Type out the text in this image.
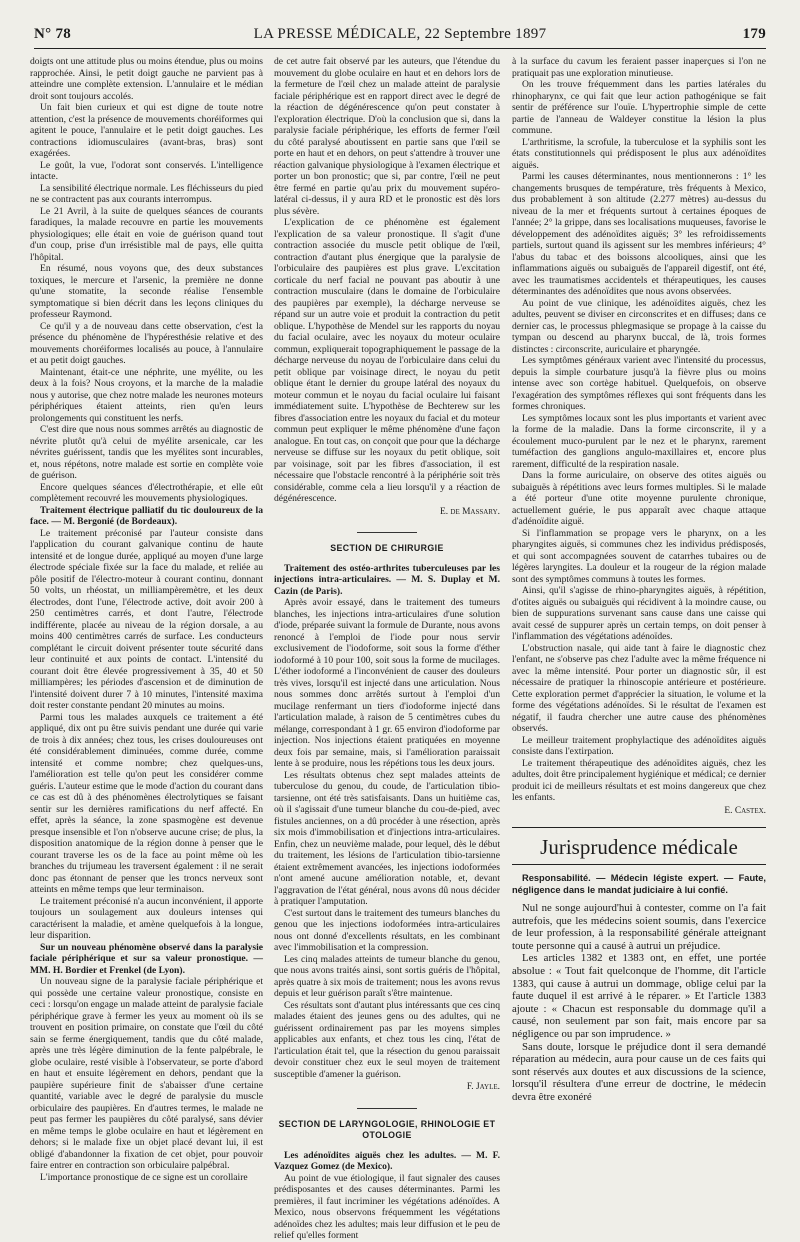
N° 78	LA PRESSE MÉDICALE, 22 Septembre 1897	179

doigts ont une attitude plus ou moins étendue, plus ou moins rapprochée. Ainsi, le petit doigt gauche ne parvient pas à atteindre une complète extension. L'annulaire et le médian droit sont toujours accolés.

Un fait bien curieux et qui est digne de toute notre attention, c'est la présence de mouvements choréiformes qui agitent le pouce, l'annulaire et le petit doigt gauches. Les contractions idiomusculaires (avant-bras, bras) sont exagérées.

Le goût, la vue, l'odorat sont conservés. L'intelligence intacte.

La sensibilité électrique normale. Les fléchisseurs du pied ne se contractent pas aux courants interrompus.

Le 21 Avril, à la suite de quelques séances de courants faradiques, la malade recouvre en partie les mouvements physiologiques; elle était en voie de guérison quand tout d'un coup, prise d'un irrésistible mal de pays, elle quitta l'hôpital.

En résumé, nous voyons que, des deux substances toxiques, le mercure et l'arsenic, la première ne donne qu'une stomatite, la seconde réalise l'ensemble symptomatique si bien décrit dans les leçons cliniques du professeur Raymond.

Ce qu'il y a de nouveau dans cette observation, c'est la présence du phénomène de l'hypéresthésie relative et des mouvements choréiformes localisés au pouce, à l'annulaire et au petit doigt gauches.

Maintenant, était-ce une néphrite, une myélite, ou les deux à la fois? Nous croyons, et la marche de la maladie nous y autorise, que chez notre malade les neurones moteurs périphériques étaient atteints, rien qu'en leurs prolongements qui constituent les nerfs.

C'est dire que nous nous sommes arrêtés au diagnostic de névrite plutôt qu'à celui de myélite arsenicale, car les névrites guérissent, tandis que les myélites sont incurables, et, nous répétons, notre malade est sortie en complète voie de guérison.

Encore quelques séances d'électrothérapie, et elle eût complètement recouvré les mouvements physiologiques.

Traitement électrique palliatif du tic douloureux de la face. — M. Bergonié (de Bordeaux).

Le traitement préconisé par l'auteur consiste dans l'application du courant galvanique continu de haute intensité et de longue durée, appliqué au moyen d'une large électrode spéciale fixée sur la face du malade, et reliée au pôle positif de l'électro-moteur à courant continu, donnant 50 volts, un rhéostat, un milliampèremètre, et les deux électrodes, dont l'une, l'électrode active, doit avoir 200 à 250 centimètres carrés, et dont l'autre, l'électrode indifférente, placée au niveau de la région dorsale, a au moins 400 centimètres carrés de surface. Les conducteurs complétant le circuit doivent présenter toute sécurité dans leur continuité et aux points de contact. L'intensité du courant doit être élevée progressivement à 35, 40 et 50 milliampères; les périodes d'ascension et de diminution de l'intensité doivent durer 7 à 10 minutes, l'intensité maxima doit rester constante pendant 20 minutes au moins.

Parmi tous les malades auxquels ce traitement a été appliqué, dix ont pu être suivis pendant une durée qui varie de trois à dix années; chez tous, les crises douloureuses ont été considérablement diminuées, comme durée, comme intensité et comme nombre; chez quelques-uns, l'amélioration est telle qu'on peut les considérer comme guéris. L'auteur estime que le mode d'action du courant dans ce cas est dû à des phénomènes électrolytiques se faisant sentir sur les dernières ramifications du nerf affecté. En effet, après la séance, la zone spasmogène est devenue presque insensible et l'on n'observe aucune crise; de plus, la disposition anatomique de la région donne à penser que le courant traverse les os de la face au point même où les branches du trijumeau les traversent également : il ne serait donc pas étonnant de penser que les troncs nerveux sont atteints en même temps que leur terminaison.

Le traitement préconisé n'a aucun inconvénient, il apporte toujours un soulagement aux douleurs intenses qui caractérisent la maladie, et amène quelquefois à la longue, leur disparition.

Sur un nouveau phénomène observé dans la paralysie faciale périphérique et sur sa valeur pronostique. — MM. H. Bordier et Frenkel (de Lyon).

Un nouveau signe de la paralysie faciale périphérique et qui possède une certaine valeur pronostique, consiste en ceci : lorsqu'on engage un malade atteint de paralysie faciale périphérique grave à fermer les yeux au moment où ils se trouvent en position primaire, on constate que l'œil du côté sain se ferme énergiquement, tandis que du côté malade, après une très légère diminution de la fente palpébrale, le globe oculaire, resté visible à l'observateur, se porte d'abord en haut et ensuite légèrement en dehors, pendant que la paupière supérieure finit de s'abaisser d'une certaine quantité, variable avec le degré de paralysie du muscle orbiculaire des paupières. En d'autres termes, le malade ne peut pas fermer les paupières du côté paralysé, sans dévier en même temps le globe oculaire en haut et légèrement en dehors; si le malade fixe un objet placé devant lui, il est obligé d'abandonner la fixation de cet objet, pour pouvoir faire entrer en contraction son orbiculaire palpébral.

L'importance pronostique de ce signe est un corollaire

de cet autre fait observé par les auteurs, que l'étendue du mouvement du globe oculaire en haut et en dehors lors de la fermeture de l'œil chez un malade atteint de paralysie faciale périphérique est en rapport direct avec le degré de la réaction de dégénérescence qu'on peut constater à l'exploration électrique. D'où la conclusion que si, dans la paralysie faciale périphérique, les efforts de fermer l'œil du côté paralysé aboutissent en partie sans que l'œil se porte en haut et en dehors, on peut s'attendre à trouver une réaction galvanique physiologique à l'examen électrique et porter un bon pronostic; que si, par contre, l'œil ne peut être fermé en partie qu'au prix du mouvement supéro-latéral ci-dessus, il y aura RD et le pronostic est dès lors plus sévère.

L'explication de ce phénomène est également l'explication de sa valeur pronostique. Il s'agit d'une contraction associée du muscle petit oblique de l'œil, contraction d'autant plus énergique que la paralysie de l'orbiculaire des paupières est plus grave. L'excitation corticale du nerf facial ne pouvant pas aboutir à une contraction musculaire (dans le domaine de l'orbiculaire des paupières par exemple), la décharge nerveuse se répand sur un autre voie et produit la contraction du petit oblique. L'hypothèse de Mendel sur les rapports du noyau du facial oculaire, avec les noyaux du moteur oculaire commun, expliquerait topographiquement le passage de la décharge nerveuse du noyau de l'orbiculaire dans celui du petit oblique par voisinage direct, le noyau du petit oblique étant le dernier du groupe latéral des noyaux du moteur commun et le noyau du facial oculaire lui faisant immédiatement suite. L'hypothèse de Bechterew sur les fibres d'association entre les noyaux du facial et du moteur commun peut expliquer le même phénomène d'une façon analogue. En tout cas, on conçoit que pour que la décharge nerveuse se diffuse sur les noyaux du petit oblique, soit par voisinage, soit par les fibres d'association, il est nécessaire que l'obstacle rencontré à la périphérie soit très considérable, comme cela a lieu lorsqu'il y a réaction de dégénérescence.

E. de Massary.
SECTION DE CHIRURGIE

Traitement des ostéo-arthrites tuberculeuses par les injections intra-articulaires. — M. S. Duplay et M. Cazin (de Paris).

Après avoir essayé, dans le traitement des tumeurs blanches, les injections intra-articulaires d'une solution d'iode, préparée suivant la formule de Durante, nous avons renoncé à l'emploi de l'iode pour nous servir exclusivement de l'iodoforme, soit sous la forme d'éther iodoformé à 10 pour 100, soit sous la forme de mucilages. L'éther iodoformé a l'inconvénient de causer des douleurs très vives, lorsqu'il est injecté dans une articulation. Nous nous sommes donc arrêtés surtout à l'emploi d'un mucilage renfermant un tiers d'iodoforme injecté dans l'articulation malade, à raison de 5 centimètres cubes du mélange, correspondant à 1 gr. 65 environ d'iodoforme par injection. Nos injections étaient pratiquées en moyenne deux fois par semaine, mais, si l'amélioration paraissait lente à se produire, nous les répétions tous les deux jours.

Les résultats obtenus chez sept malades atteints de tuberculose du genou, du coude, de l'articulation tibio-tarsienne, ont été très satisfaisants. Dans un huitième cas, où il s'agissait d'une tumeur blanche du cou-de-pied, avec fistules anciennes, on a dû procéder à une résection, après six mois d'immobilisation et d'injections intra-articulaires. Enfin, chez un neuvième malade, pour lequel, dès le début du traitement, les lésions de l'articulation tibio-tarsienne étaient extrêmement avancées, les injections iodoformées n'ont amené aucune amélioration notable, et, devant l'aggravation de l'état général, nous avons dû nous décider à pratiquer l'amputation.

C'est surtout dans le traitement des tumeurs blanches du genou que les injections iodoformées intra-articulaires nous ont donné d'excellents résultats, en les combinant avec l'immobilisation et la compression.

Les cinq malades atteints de tumeur blanche du genou, que nous avons traités ainsi, sont sortis guéris de l'hôpital, après quatre à six mois de traitement; nous les avons revus depuis et leur guérison paraît s'être maintenue.

Ces résultats sont d'autant plus intéressants que ces cinq malades étaient des jeunes gens ou des adultes, qui ne guérissent ordinairement pas par les moyens simples applicables aux enfants, et chez tous les cinq, l'état de l'articulation était tel, que la résection du genou paraissait devoir constituer chez eux le seul moyen de traitement susceptible d'amener la guérison.

F. Jayle.
SECTION DE LARYNGOLOGIE, RHINOLOGIE ET OTOLOGIE

Les adénoïdites aiguës chez les adultes. — M. F. Vazquez Gomez (de Mexico).

Au point de vue étiologique, il faut signaler des causes prédisposantes et des causes déterminantes. Parmi les premières, il faut incriminer les végétations adénoïdes. A Mexico, nous observons fréquemment les végétations adénoïdes chez les adultes; mais leur diffusion et le peu de relief qu'elles forment

à la surface du cavum les feraient passer inaperçues si l'on ne pratiquait pas une exploration minutieuse.

On les trouve fréquemment dans les parties latérales du rhinopharynx, ce qui fait que leur action pathogénique se fait sentir de préférence sur l'ouïe. L'hypertrophie simple de cette partie de l'anneau de Waldeyer constitue la lésion la plus commune.

L'arthritisme, la scrofule, la tuberculose et la syphilis sont les états constitutionnels qui prédisposent le plus aux adénoïdites aiguës.

Parmi les causes déterminantes, nous mentionnerons : 1° les changements brusques de température, très fréquents à Mexico, dus probablement à son altitude (2.277 mètres) au-dessus du niveau de la mer et fréquents surtout à certaines époques de l'année; 2° la grippe, dans ses localisations muqueuses, favorise le développement des adénoïdites aiguës; 3° les refroidissements partiels, surtout quand ils agissent sur les membres inférieurs; 4° l'abus du tabac et des boissons alcooliques, ainsi que les inflammations aiguës ou subaiguës de l'appareil digestif, ont été, avec les traumatismes accidentels et thérapeutiques, les causes déterminantes des adénoïdites que nous avons observées.

Au point de vue clinique, les adénoïdites aiguës, chez les adultes, peuvent se diviser en circonscrites et en diffuses; dans ce dernier cas, le processus phlegmasique se propage à la caisse du tympan ou descend au pharynx buccal, de là, trois formes distinctes : circonscrite, auriculaire et pharyngée.

Les symptômes généraux varient avec l'intensité du processus, depuis la simple courbature jusqu'à la fièvre plus ou moins intense avec son cortège habituel. Quelquefois, on observe l'exagération des symptômes réflexes qui sont fréquents dans les formes chroniques.

Les symptômes locaux sont les plus importants et varient avec la forme de la maladie. Dans la forme circonscrite, il y a écoulement muco-purulent par le nez et le pharynx, rarement tuméfaction des ganglions angulo-maxillaires et, encore plus rarement, difficulté de la respiration nasale.

Dans la forme auriculaire, on observe des otites aiguës ou subaiguës à répétitions avec leurs formes multiples. Si le malade a été porteur d'une otite moyenne purulente chronique, actuellement guérie, le pus apparaît avec chaque attaque d'adénoïdite aiguë.

Si l'inflammation se propage vers le pharynx, on a les pharyngites aiguës, si communes chez les individus prédisposés, et qui sont accompagnées souvent de catarrhes tubaires ou de légères laryngites. La douleur et la rougeur de la région malade sont des symptômes communs à toutes les formes.

Ainsi, qu'il s'agisse de rhino-pharyngites aiguës, à répétition, d'otites aiguës ou subaiguës qui récidivent à la moindre cause, ou bien de suppurations survenant sans cause dans une caisse qui avait cessé de suppurer après un certain temps, on doit penser à l'inflammation des végétations adénoïdes.

L'obstruction nasale, qui aide tant à faire le diagnostic chez l'enfant, ne s'observe pas chez l'adulte avec la même fréquence ni avec la même intensité. Pour porter un diagnostic sûr, il est nécessaire de pratiquer la rhinoscopie antérieure et postérieure. Cette exploration permet d'apprécier la situation, le volume et la forme des végétations adénoïdes. Si le résultat de l'examen est négatif, il faudra chercher une autre cause des phénomènes observés.

Le meilleur traitement prophylactique des adénoïdites aiguës consiste dans l'extirpation.

Le traitement thérapeutique des adénoïdites aiguës, chez les adultes, doit être principalement hygiénique et médical; ce dernier produit ici de meilleurs résultats et est moins dangereux que chez les enfants.

E. Castex.
Jurisprudence médicale

Responsabilité. — Médecin légiste expert. — Faute, négligence dans le mandat judiciaire à lui confié.

Nul ne songe aujourd'hui à contester, comme on l'a fait autrefois, que les médecins soient soumis, dans l'exercice de leur profession, à la responsabilité générale atteignant toute personne qui a causé à autrui un préjudice.

Les articles 1382 et 1383 ont, en effet, une portée absolue : « Tout fait quelconque de l'homme, dit l'article 1383, qui cause à autrui un dommage, oblige celui par la faute duquel il est arrivé à le réparer. » Et l'article 1383 ajoute : « Chacun est responsable du dommage qu'il a causé, non seulement par son fait, mais encore par sa négligence ou par son imprudence. »

Sans doute, lorsque le préjudice dont il sera demandé réparation au médecin, aura pour cause un de ces faits qui sont réservés aux doutes et aux discussions de la science, lorsqu'il résultera d'une erreur de doctrine, le médecin devra être exonéré
